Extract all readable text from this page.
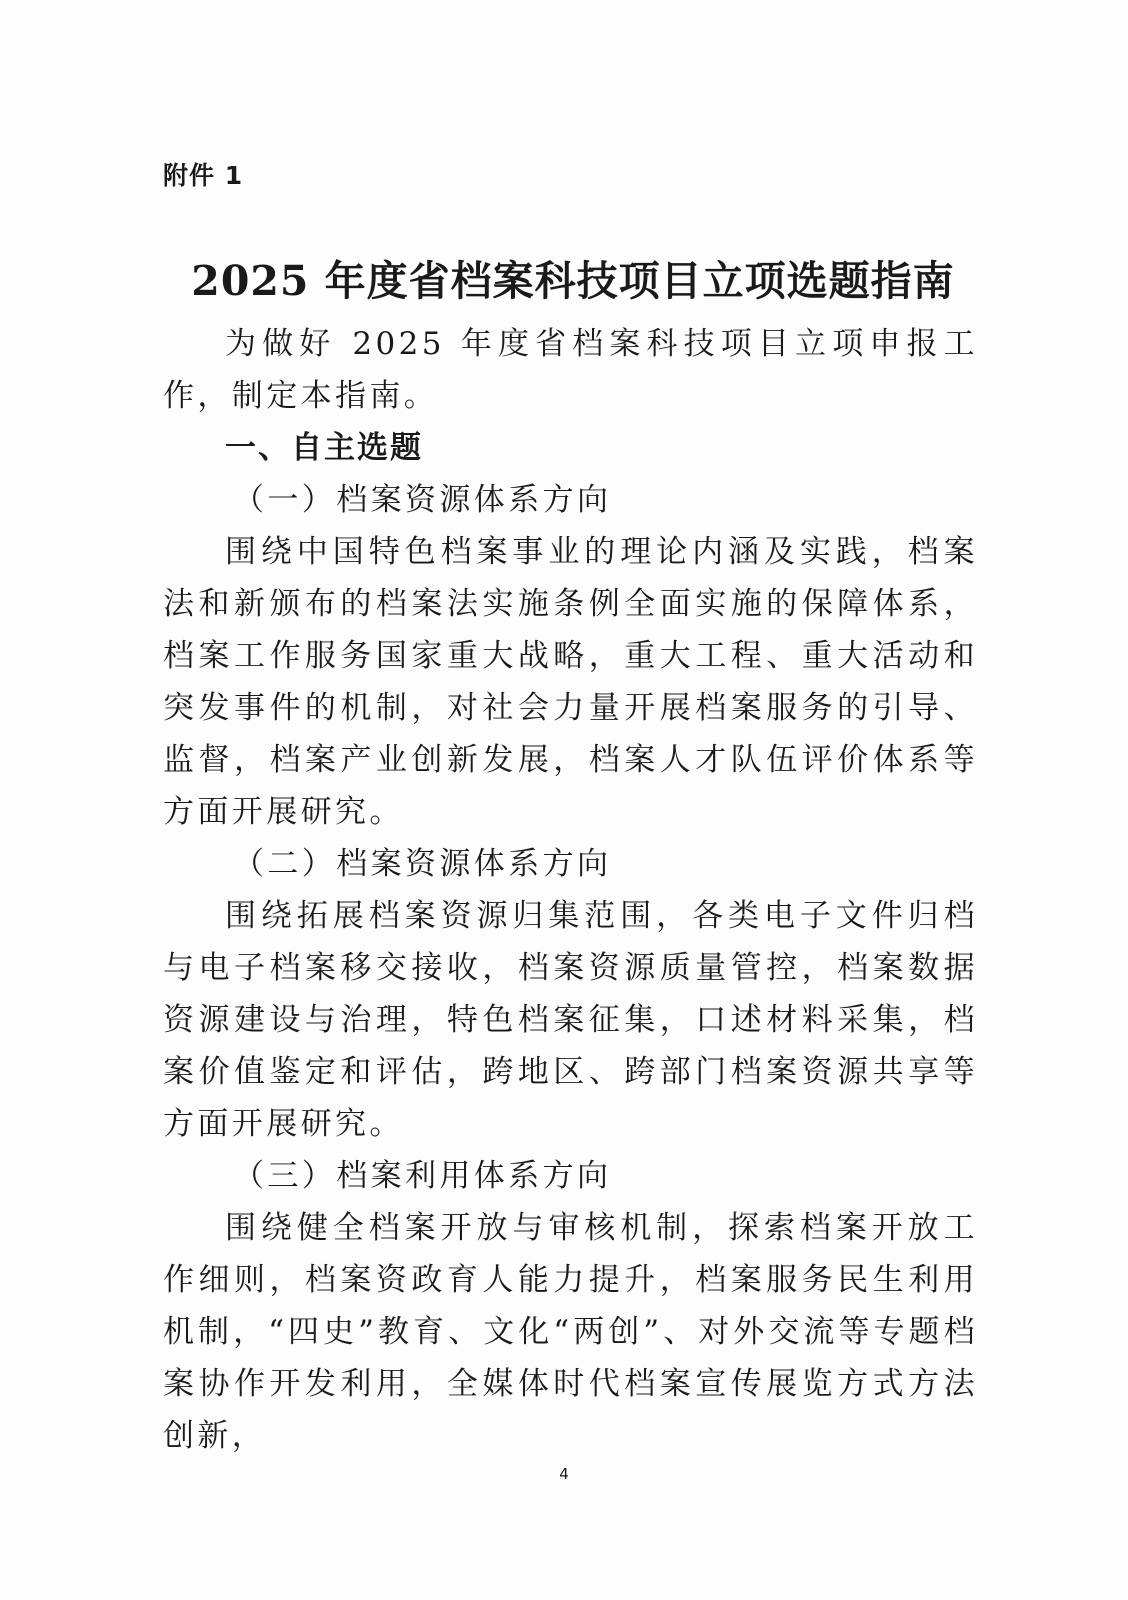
附件 1
2025 年度省档案科技项目立项选题指南

为做好 2025 年度省档案科技项目立项申报工作，制定本指南。

一、自主选题

（一）档案资源体系方向

围绕中国特色档案事业的理论内涵及实践，档案法和新颁布的档案法实施条例全面实施的保障体系，档案工作服务国家重大战略，重大工程、重大活动和突发事件的机制，对社会力量开展档案服务的引导、监督，档案产业创新发展，档案人才队伍评价体系等方面开展研究。

（二）档案资源体系方向

围绕拓展档案资源归集范围，各类电子文件归档与电子档案移交接收，档案资源质量管控，档案数据资源建设与治理，特色档案征集，口述材料采集，档案价值鉴定和评估，跨地区、跨部门档案资源共享等方面开展研究。

（三）档案利用体系方向

围绕健全档案开放与审核机制，探索档案开放工作细则，档案资政育人能力提升，档案服务民生利用机制，“四史”教育、文化“两创”、对外交流等专题档案协作开发利用，全媒体时代档案宣传展览方式方法创新，

4
